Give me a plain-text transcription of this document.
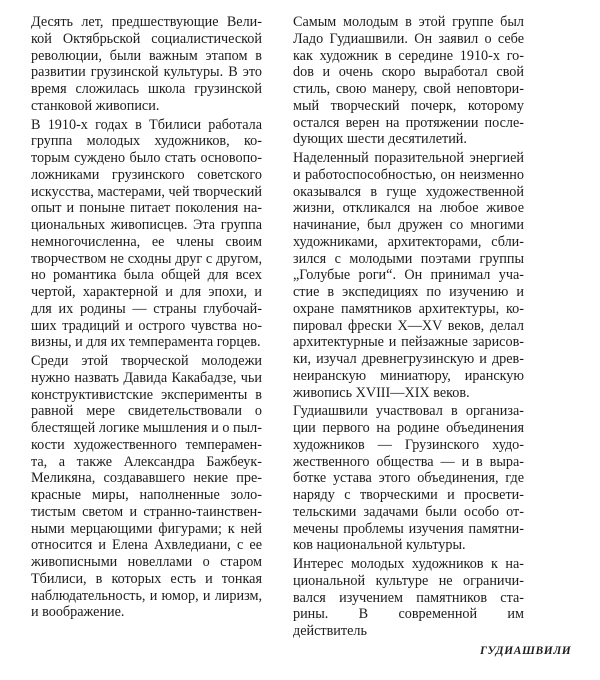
Десять лет, предшествующие Великой Октябрьской социалистической революции, были важным этапом в развитии грузинской культуры. В это время сложилась школа грузинской станковой живописи.

В 1910-х годах в Тбилиси работала группа молодых художников, которым суждено было стать основоположниками грузинского советского искусства, мастерами, чей творческий опыт и поныне питает поколения национальных живописцев. Эта группа немногочисленна, ее члены своим творчеством не сходны друг с другом, но романтика была общей для всех чертой, характерной и для эпохи, и для их родины — страны глубочайших традиций и острого чувства новизны, и для их темперамента горцев.

Среди этой творческой молодежи нужно назвать Давида Какабадзе, чьи конструктивистские эксперименты в равной мере свидетельствовали о блестящей логике мышления и о пылкости художественного темперамента, а также Александра Бажбеук-Меликяна, создававшего некие прекрасные миры, наполненные золотистым светом и странно-таинственными мерцающими фигурами; к ней относится и Елена Ахвледиани, с ее живописными новеллами о старом Тбилиси, в которых есть и тонкая наблюдательность, и юмор, и лиризм, и воображение.

Самым молодым в этой группе был Ладо Гудиашвили. Он заявил о себе как художник в середине 1910-х гоdов и очень скоро выработал свой стиль, свою манеру, свой неповторимый творческий почерк, которому остался верен на протяжении послеdующих шести десятилетий.

Наделенный поразительной энергией и работоспособностью, он неизменно оказывался в гуще художественной жизни, откликался на любое живое начинание, был дружен со многими художниками, архитекторами, сблизился с молодыми поэтами группы „Голубые роги“. Он принимал участие в экспедициях по изучению и охране памятников архитектуры, копировал фрески X—XV веков, делал архитектурные и пейзажные зарисовки, изучал древнегрузинскую и древнеиранскую миниатюру, иранскую живопись XVIII—XIX веков.

Гудиашвили участвовал в организации первого на родине объединения художников — Грузинского художественного общества — и в выработке устава этого объединения, где наряду с творческими и просветительскими задачами были особо отмечены проблемы изучения памятников национальной культуры.

Интерес молодых художников к национальной культуре не ограничивался изучением памятников старины. В современной им действитель

ГУДИАШВИЛИ
